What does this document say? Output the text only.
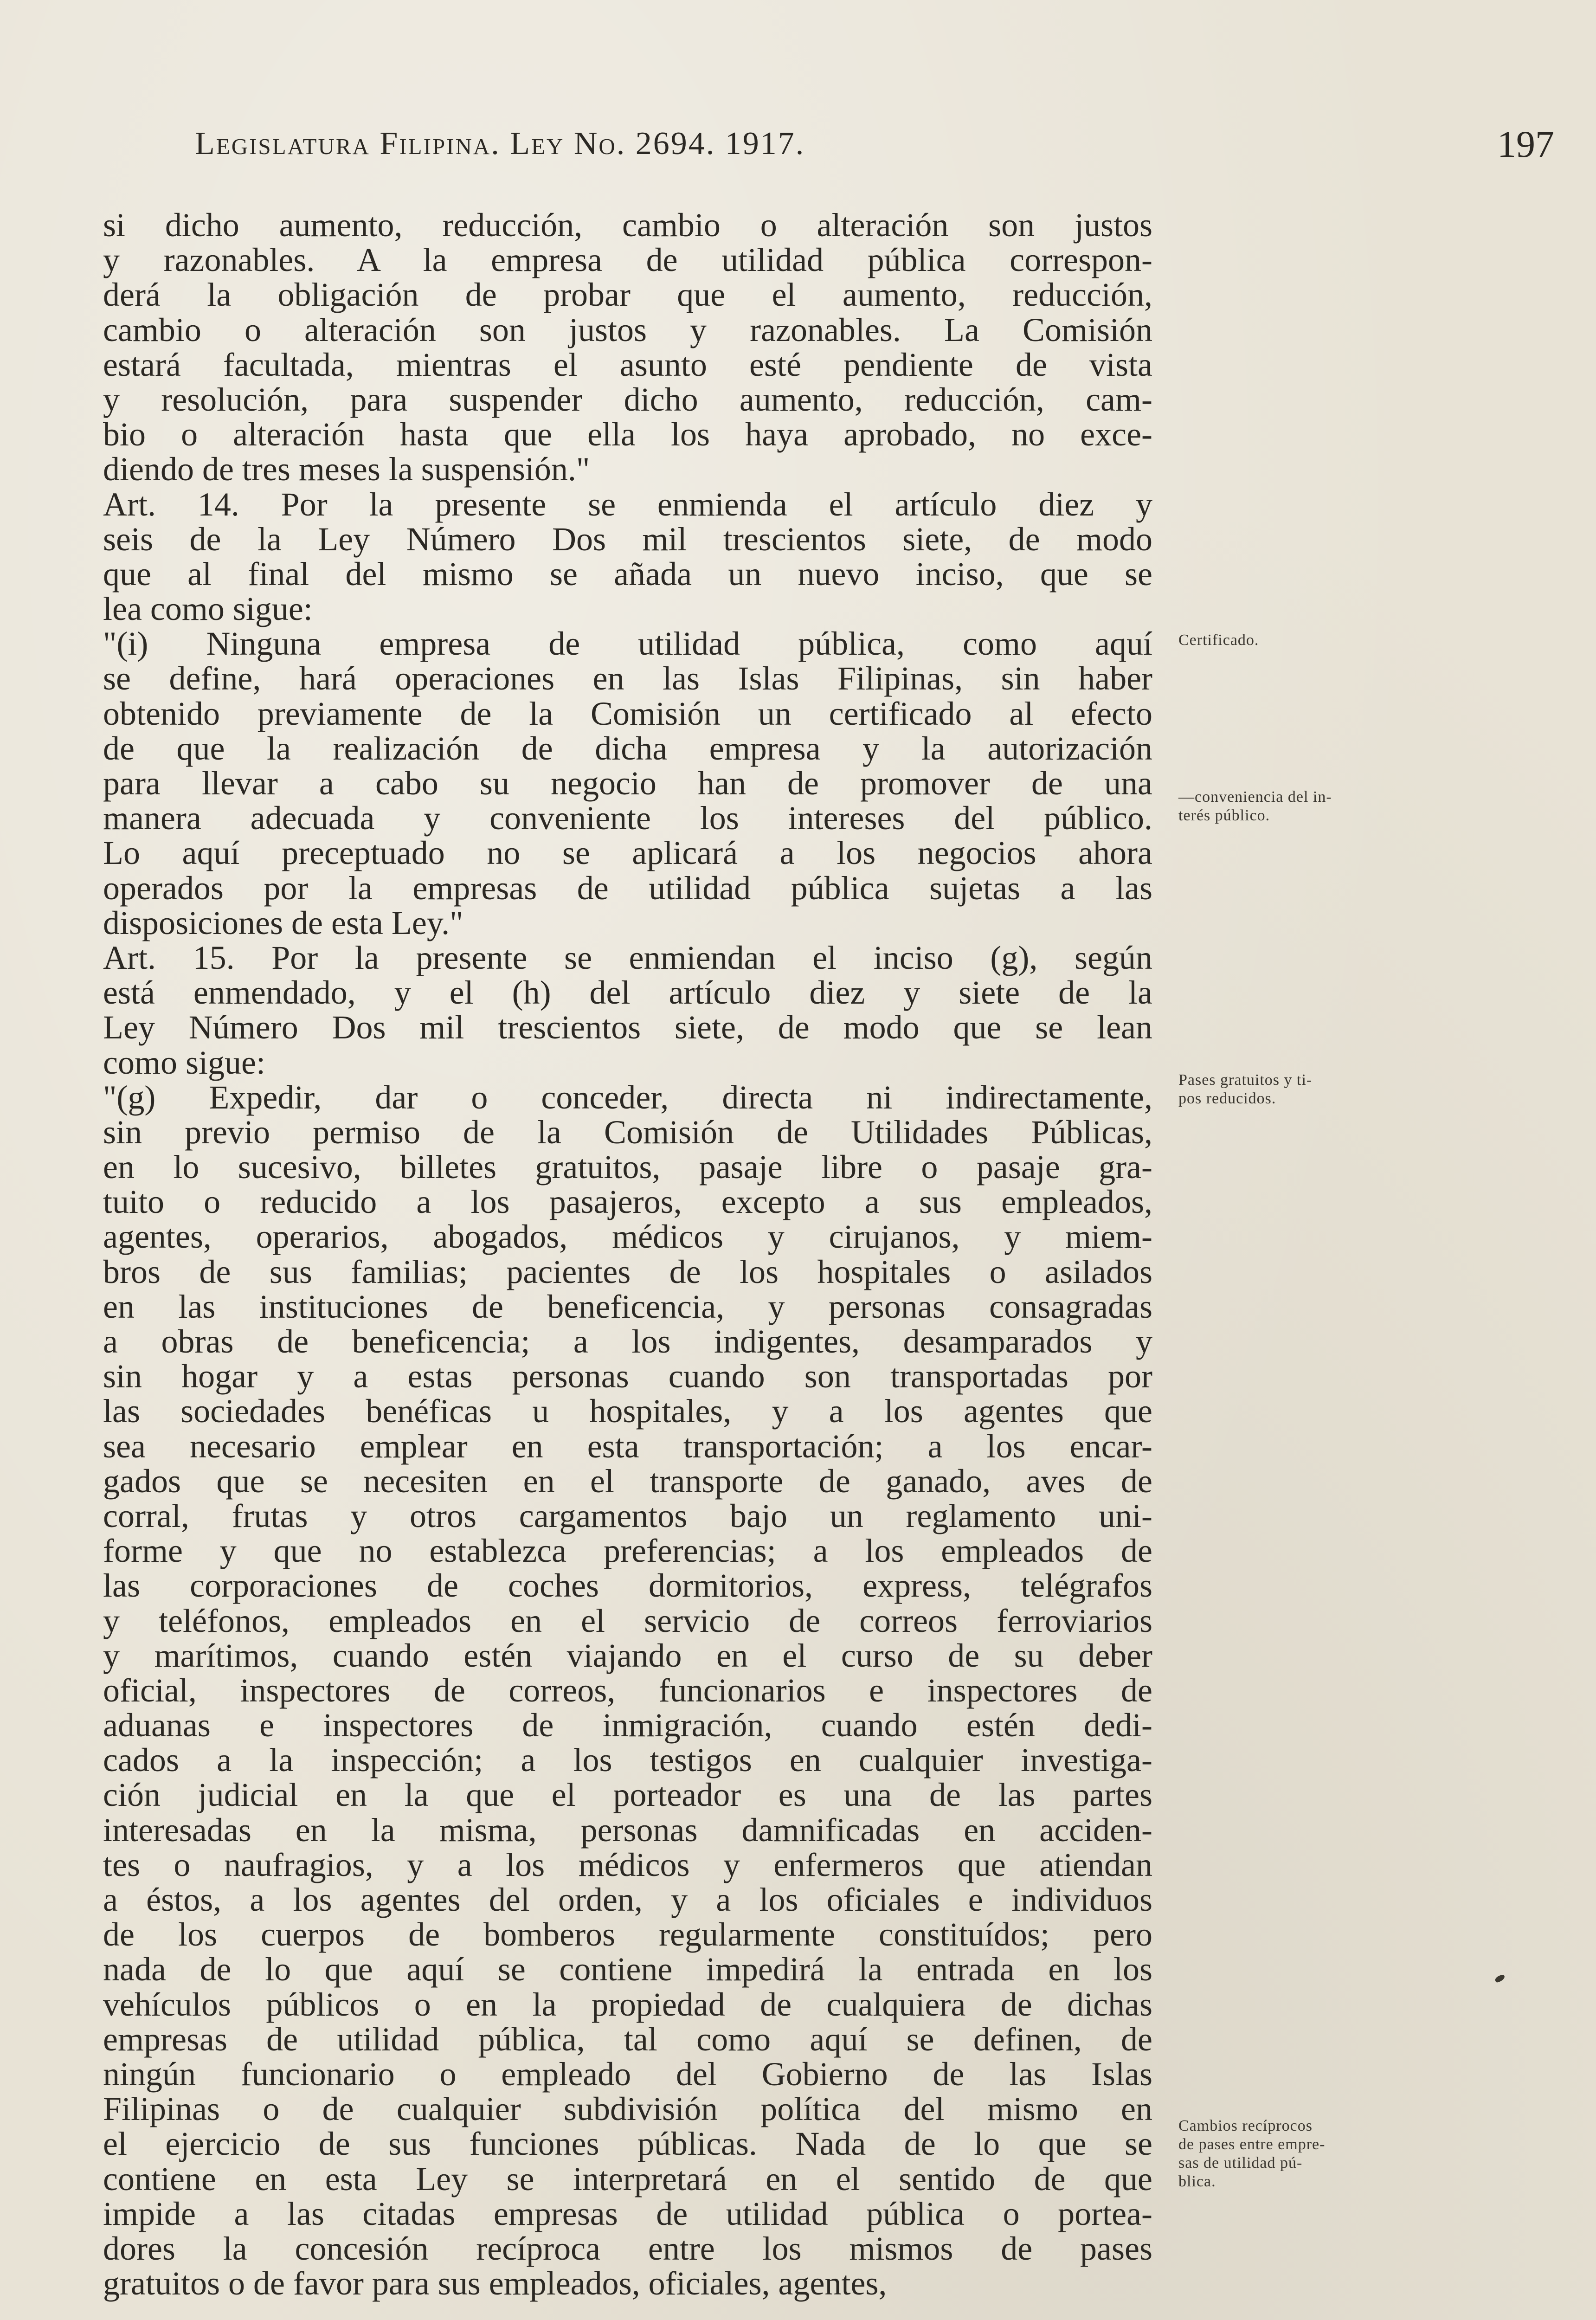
Legislatura Filipina. Ley No. 2694. 1917.	197
si dicho aumento, reducción, cambio o alteración son justos
y razonables. A la empresa de utilidad pública correspon-
derá la obligación de probar que el aumento, reducción,
cambio o alteración son justos y razonables. La Comisión
estará facultada, mientras el asunto esté pendiente de vista
y resolución, para suspender dicho aumento, reducción, cam-
bio o alteración hasta que ella los haya aprobado, no exce-
diendo de tres meses la suspensión."
Art. 14. Por la presente se enmienda el artículo diez y
seis de la Ley Número Dos mil trescientos siete, de modo
que al final del mismo se añada un nuevo inciso, que se
lea como sigue:
"(i) Ninguna empresa de utilidad pública, como aquí
se define, hará operaciones en las Islas Filipinas, sin haber
obtenido previamente de la Comisión un certificado al efecto
de que la realización de dicha empresa y la autorización
para llevar a cabo su negocio han de promover de una
manera adecuada y conveniente los intereses del público.
Lo aquí preceptuado no se aplicará a los negocios ahora
operados por la empresas de utilidad pública sujetas a las
disposiciones de esta Ley."
Art. 15. Por la presente se enmiendan el inciso (g), según
está enmendado, y el (h) del artículo diez y siete de la
Ley Número Dos mil trescientos siete, de modo que se lean
como sigue:
"(g) Expedir, dar o conceder, directa ni indirectamente,
sin previo permiso de la Comisión de Utilidades Públicas,
en lo sucesivo, billetes gratuitos, pasaje libre o pasaje gra-
tuito o reducido a los pasajeros, excepto a sus empleados,
agentes, operarios, abogados, médicos y cirujanos, y miem-
bros de sus familias; pacientes de los hospitales o asilados
en las instituciones de beneficencia, y personas consagradas
a obras de beneficencia; a los indigentes, desamparados y
sin hogar y a estas personas cuando son transportadas por
las sociedades benéficas u hospitales, y a los agentes que
sea necesario emplear en esta transportación; a los encar-
gados que se necesiten en el transporte de ganado, aves de
corral, frutas y otros cargamentos bajo un reglamento uni-
forme y que no establezca preferencias; a los empleados de
las corporaciones de coches dormitorios, express, telégrafos
y teléfonos, empleados en el servicio de correos ferroviarios
y marítimos, cuando estén viajando en el curso de su deber
oficial, inspectores de correos, funcionarios e inspectores de
aduanas e inspectores de inmigración, cuando estén dedi-
cados a la inspección; a los testigos en cualquier investiga-
ción judicial en la que el porteador es una de las partes
interesadas en la misma, personas damnificadas en acciden-
tes o naufragios, y a los médicos y enfermeros que atiendan
a éstos, a los agentes del orden, y a los oficiales e individuos
de los cuerpos de bomberos regularmente constituídos; pero
nada de lo que aquí se contiene impedirá la entrada en los
vehículos públicos o en la propiedad de cualquiera de dichas
empresas de utilidad pública, tal como aquí se definen, de
ningún funcionario o empleado del Gobierno de las Islas
Filipinas o de cualquier subdivisión política del mismo en
el ejercicio de sus funciones públicas. Nada de lo que se
contiene en esta Ley se interpretará en el sentido de que
impide a las citadas empresas de utilidad pública o portea-
dores la concesión recíproca entre los mismos de pases
gratuitos o de favor para sus empleados, oficiales, agentes,
Certificado.
—conveniencia del in-
terés público.
Pases gratuitos y ti-
pos reducidos.
Cambios recíprocos
de pases entre empre-
sas de utilidad pú-
blica.
